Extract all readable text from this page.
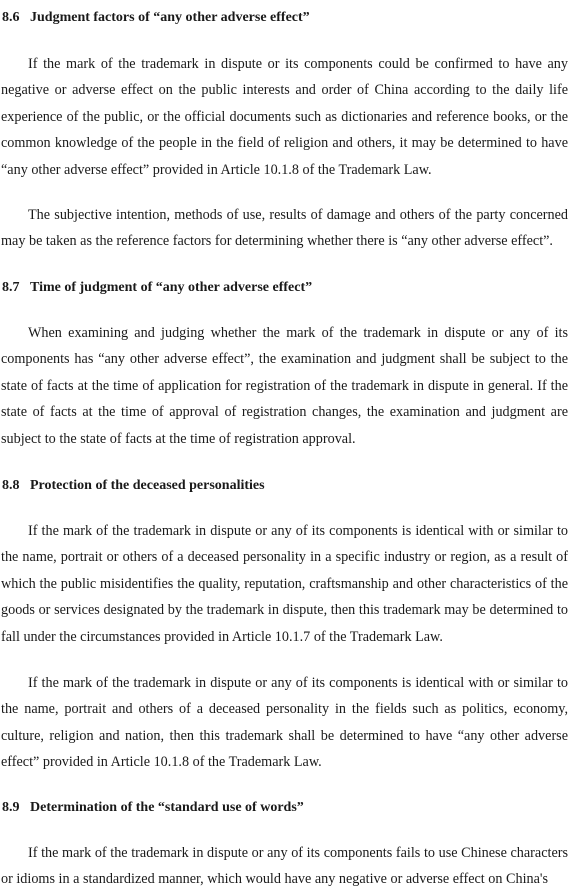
8.6 Judgment factors of “any other adverse effect”

If the mark of the trademark in dispute or its components could be confirmed to have any negative or adverse effect on the public interests and order of China according to the daily life experience of the public, or the official documents such as dictionaries and reference books, or the common knowledge of the people in the field of religion and others, it may be determined to have “any other adverse effect” provided in Article 10.1.8 of the Trademark Law.

The subjective intention, methods of use, results of damage and others of the party concerned may be taken as the reference factors for determining whether there is “any other adverse effect”.

8.7 Time of judgment of “any other adverse effect”

When examining and judging whether the mark of the trademark in dispute or any of its components has “any other adverse effect”, the examination and judgment shall be subject to the state of facts at the time of application for registration of the trademark in dispute in general. If the state of facts at the time of approval of registration changes, the examination and judgment are subject to the state of facts at the time of registration approval.

8.8 Protection of the deceased personalities

If the mark of the trademark in dispute or any of its components is identical with or similar to the name, portrait or others of a deceased personality in a specific industry or region, as a result of which the public misidentifies the quality, reputation, craftsmanship and other characteristics of the goods or services designated by the trademark in dispute, then this trademark may be determined to fall under the circumstances provided in Article 10.1.7 of the Trademark Law.

If the mark of the trademark in dispute or any of its components is identical with or similar to the name, portrait and others of a deceased personality in the fields such as politics, economy, culture, religion and nation, then this trademark shall be determined to have “any other adverse effect” provided in Article 10.1.8 of the Trademark Law.

8.9 Determination of the “standard use of words”

If the mark of the trademark in dispute or any of its components fails to use Chinese characters or idioms in a standardized manner, which would have any negative or adverse effect on China's
